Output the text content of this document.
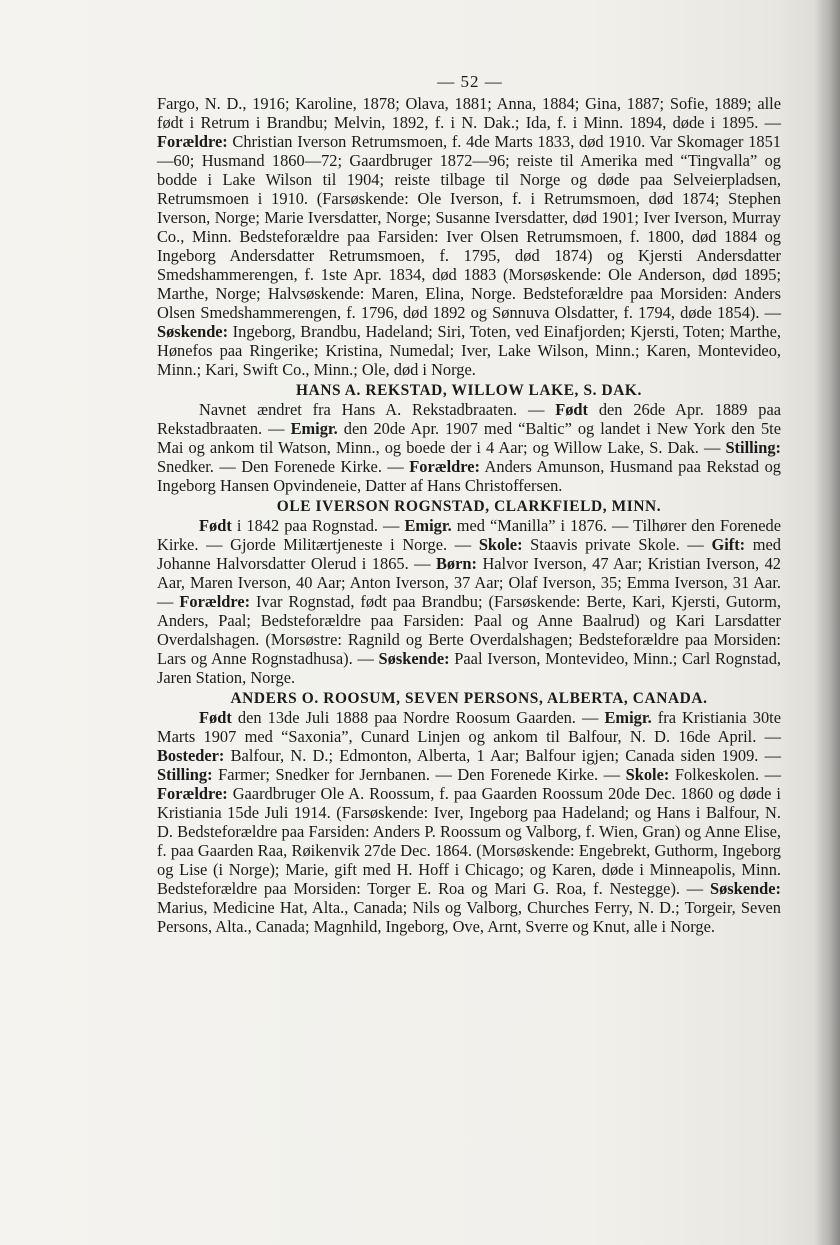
— 52 —

Fargo, N. D., 1916; Karoline, 1878; Olava, 1881; Anna, 1884; Gina, 1887; Sofie, 1889; alle født i Retrum i Brandbu; Melvin, 1892, f. i N. Dak.; Ida, f. i Minn. 1894, døde i 1895. — Forældre: Christian Iverson Retrumsmoen, f. 4de Marts 1833, død 1910. Var Skomager 1851—60; Husmand 1860—72; Gaardbruger 1872—96; reiste til Amerika med “Tingvalla” og bodde i Lake Wilson til 1904; reiste tilbage til Norge og døde paa Selveierpladsen, Retrumsmoen i 1910. (Farsøskende: Ole Iverson, f. i Retrumsmoen, død 1874; Stephen Iverson, Norge; Marie Iversdatter, Norge; Susanne Iversdatter, død 1901; Iver Iverson, Murray Co., Minn. Bedsteforældre paa Farsiden: Iver Olsen Retrumsmoen, f. 1800, død 1884 og Ingeborg Andersdatter Retrumsmoen, f. 1795, død 1874) og Kjersti Andersdatter Smedshammerengen, f. 1ste Apr. 1834, død 1883 (Morsøskende: Ole Anderson, død 1895; Marthe, Norge; Halvsøskende: Maren, Elina, Norge. Bedsteforældre paa Morsiden: Anders Olsen Smedshammerengen, f. 1796, død 1892 og Sønnuva Olsdatter, f. 1794, døde 1854). — Søskende: Ingeborg, Brandbu, Hadeland; Siri, Toten, ved Einafjorden; Kjersti, Toten; Marthe, Hønefos paa Ringerike; Kristina, Numedal; Iver, Lake Wilson, Minn.; Karen, Montevideo, Minn.; Kari, Swift Co., Minn.; Ole, død i Norge.

HANS A. REKSTAD, WILLOW LAKE, S. DAK.

Navnet ændret fra Hans A. Rekstadbraaten. — Født den 26de Apr. 1889 paa Rekstadbraaten. — Emigr. den 20de Apr. 1907 med “Baltic” og landet i New York den 5te Mai og ankom til Watson, Minn., og boede der i 4 Aar; og Willow Lake, S. Dak. — Stilling: Snedker. — Den Forenede Kirke. — Forældre: Anders Amunson, Husmand paa Rekstad og Ingeborg Hansen Opvindeneie, Datter af Hans Christoffersen.

OLE IVERSON ROGNSTAD, CLARKFIELD, MINN.

Født i 1842 paa Rognstad. — Emigr. med “Manilla” i 1876. — Tilhører den Forenede Kirke. — Gjorde Militærtjeneste i Norge. — Skole: Staavis private Skole. — Gift: med Johanne Halvorsdatter Olerud i 1865. — Børn: Halvor Iverson, 47 Aar; Kristian Iverson, 42 Aar, Maren Iverson, 40 Aar; Anton Iverson, 37 Aar; Olaf Iverson, 35; Emma Iverson, 31 Aar. — Forældre: Ivar Rognstad, født paa Brandbu; (Farsøskende: Berte, Kari, Kjersti, Gutorm, Anders, Paal; Bedsteforældre paa Farsiden: Paal og Anne Baalrud) og Kari Larsdatter Overdalshagen. (Morsøstre: Ragnild og Berte Overdalshagen; Bedsteforældre paa Morsiden: Lars og Anne Rognstadhusa). — Søskende: Paal Iverson, Montevideo, Minn.; Carl Rognstad, Jaren Station, Norge.

ANDERS O. ROOSUM, SEVEN PERSONS, ALBERTA, CANADA.

Født den 13de Juli 1888 paa Nordre Roosum Gaarden. — Emigr. fra Kristiania 30te Marts 1907 med “Saxonia”, Cunard Linjen og ankom til Balfour, N. D. 16de April. — Bosteder: Balfour, N. D.; Edmonton, Alberta, 1 Aar; Balfour igjen; Canada siden 1909. — Stilling: Farmer; Snedker for Jernbanen. — Den Forenede Kirke. — Skole: Folkeskolen. — Forældre: Gaardbruger Ole A. Roossum, f. paa Gaarden Roossum 20de Dec. 1860 og døde i Kristiania 15de Juli 1914. (Farsøskende: Iver, Ingeborg paa Hadeland; og Hans i Balfour, N. D. Bedsteforældre paa Farsiden: Anders P. Roossum og Valborg, f. Wien, Gran) og Anne Elise, f. paa Gaarden Raa, Røikenvik 27de Dec. 1864. (Morsøskende: Engebrekt, Guthorm, Ingeborg og Lise (i Norge); Marie, gift med H. Hoff i Chicago; og Karen, døde i Minneapolis, Minn. Bedsteforældre paa Morsiden: Torger E. Roa og Mari G. Roa, f. Nestegge). — Søskende: Marius, Medicine Hat, Alta., Canada; Nils og Valborg, Churches Ferry, N. D.; Torgeir, Seven Persons, Alta., Canada; Magnhild, Ingeborg, Ove, Arnt, Sverre og Knut, alle i Norge.
